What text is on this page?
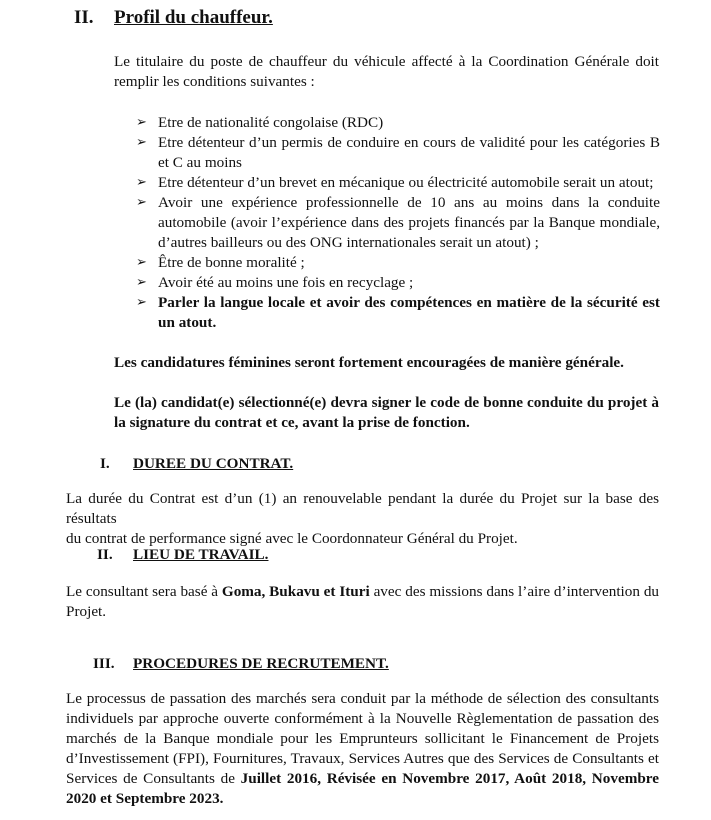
II. Profil du chauffeur.
Le titulaire du poste de chauffeur du véhicule affecté à la Coordination Générale doit
remplir les conditions suivantes :
➢ Etre de nationalité congolaise (RDC)
➢ Etre détenteur d’un permis de conduire en cours de validité pour les catégories B
et C au moins
➢ Etre détenteur d’un brevet en mécanique ou électricité automobile serait un atout;
➢ Avoir une expérience professionnelle de 10 ans au moins dans la conduite
automobile (avoir l’expérience dans des projets financés par la Banque mondiale,
d’autres bailleurs ou des ONG internationales serait un atout) ;
➢ Être de bonne moralité ;
➢ Avoir été au moins une fois en recyclage ;
➢ Parler la langue locale et avoir des compétences en matière de la sécurité est
un atout.
Les candidatures féminines seront fortement encouragées de manière générale.
Le (la) candidat(e) sélectionné(e) devra signer le code de bonne conduite du projet à
la signature du contrat et ce, avant la prise de fonction.
I. DUREE DU CONTRAT.
La durée du Contrat est d’un (1) an renouvelable pendant la durée du Projet sur la base des résultats
du contrat de performance signé avec le Coordonnateur Général du Projet.
II. LIEU DE TRAVAIL.
Le consultant sera basé à Goma, Bukavu et Ituri avec des missions dans l’aire d’intervention du
Projet.
III. PROCEDURES DE RECRUTEMENT.
Le processus de passation des marchés sera conduit par la méthode de sélection des consultants
individuels par approche ouverte conformément à la Nouvelle Règlementation de passation des
marchés de la Banque mondiale pour les Emprunteurs sollicitant le Financement de Projets
d’Investissement (FPI), Fournitures, Travaux, Services Autres que des Services de Consultants et
Services de Consultants de Juillet 2016, Révisée en Novembre 2017, Août 2018, Novembre
2020 et Septembre 2023.
